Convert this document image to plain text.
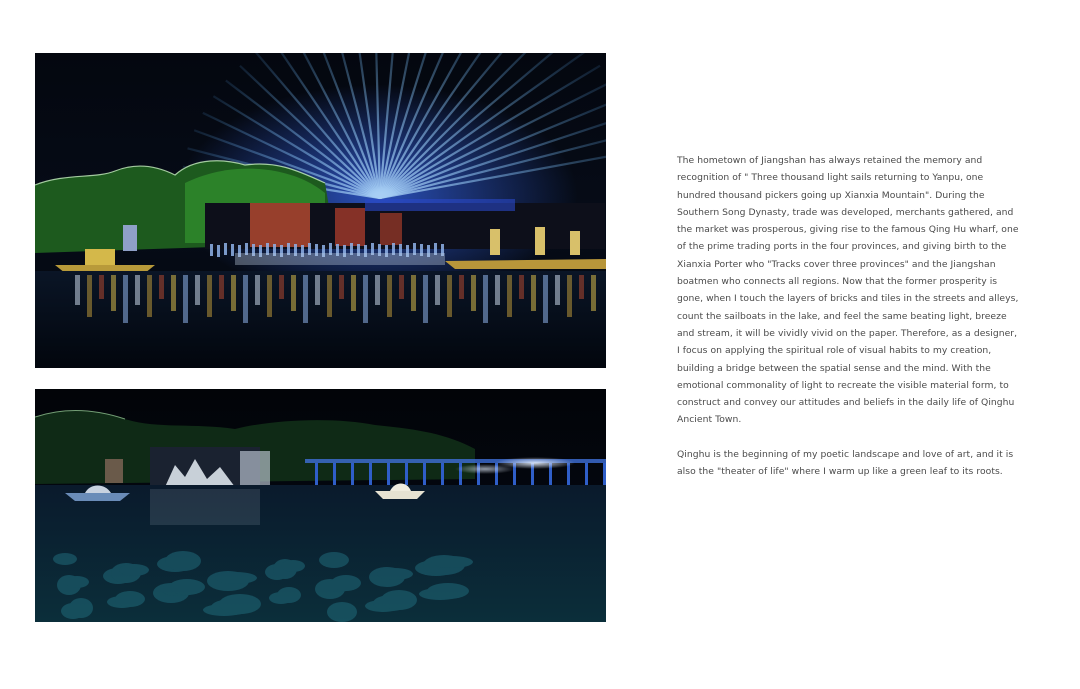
The hometown of Jiangshan has always retained the memory and recognition of " Three thousand light sails returning to Yanpu, one hundred thousand pickers going up Xianxia Mountain". During the Southern Song Dynasty, trade was developed, merchants gathered, and the market was prosperous, giving rise to the famous Qing Hu wharf, one of the prime trading ports in the four provinces, and giving birth to the Xianxia Porter who "Tracks cover three provinces" and the Jiangshan boatmen who connects all regions. Now that the former prosperity is gone, when I touch the layers of bricks and tiles in the streets and alleys, count the sailboats in the lake, and feel the same beating light, breeze and stream, it will be vividly vivid on the paper. Therefore, as a designer, I focus on applying the spiritual role of visual habits to my creation, building a bridge between the spatial sense and the mind. With the emotional commonality of light to recreate the visible material form, to construct and convey our attitudes and beliefs in the daily life of Qinghu Ancient Town.

Qinghu is the beginning of my poetic landscape and love of art, and it is also the "theater of life" where I warm up like a green leaf to its roots.
